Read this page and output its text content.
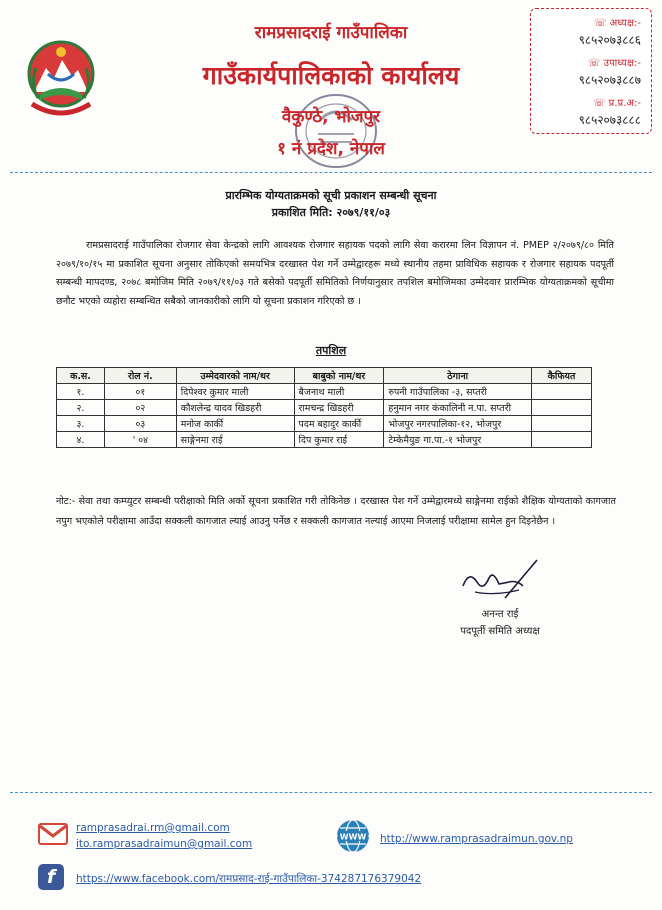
रामप्रसादराई गाउँपालिका
गाउँकार्यपालिकाको कार्यालय
वैकुण्ठे, भोजपुर
१ नं प्रदेश, नेपाल
☏ अध्यक्ष:-
९८५२०७३८८६
☏ उपाध्यक्ष:-
९८५२०७३८८७
☏ प्र.प्र.अ:-
९८५२०७३८८८
प्रारम्भिक योग्यताक्रमको सूची प्रकाशन सम्बन्धी सूचना
प्रकाशित मिति: २०७९/११/०३
रामप्रसादराई गाउँपालिका रोजगार सेवा केन्द्रको लागि आवश्यक रोजगार सहायक पदको लागि सेवा करारमा लिन विज्ञापन नं. PMEP २/२०७९/८० मिति २०७९/१०/१५ मा प्रकाशित सूचना अनुसार तोकिएको समयभित्र दरखास्त पेश गर्ने उम्मेद्वारहरू मध्ये स्थानीय तहमा प्राविधिक सहायक र रोजगार सहायक पदपूर्ती सम्बन्धी मापदण्ड, २०७८ बमोजिम मिति २०७९/११/०३ गते बसेको पदपूर्ती समितिको निर्णयानुसार तपशिल बमोजिमका उम्मेदवार प्रारम्भिक योग्यताक्रमको सूचीमा छनौट भएको व्यहोरा सम्बन्धित सबैको जानकारीको लागि यो सूचना प्रकाशन गरिएको छ ।
तपशिल
क.स.	रोल नं.	उम्मेदवारको नाम/थर	बाबुको नाम/थर	ठेगाना	कैफियत
१.	०१	दिपेश्वर कुमार माली	बैजनाथ माली	रुपनी गाउँपालिका -३, सप्तरी	
२.	०२	कौशलेन्द्र यादव खिडहरी	रामचन्द्र खिडहरी	हनुमान नगर कंकालिनी न.पा. सप्तरी	
३.	०३	मनोज कार्की	पदम बहादुर कार्की	भोजपुर नगरपालिका-१२, भोजपुर	
४.	' ०४	साङ्गेनमा राई	दिप कुमार राई	टेम्केमैयुङ गा.पा.-१ भोजपुर	
नोट:- सेवा तथा कम्प्युटर सम्बन्धी परीक्षाको मिति अर्को सूचना प्रकाशित गरी तोकिनेछ । दरखास्त पेश गर्ने उम्मेद्वारमध्ये साङ्गेनमा राईको शैक्षिक योग्यताको कागजात नपुग भएकोले परीक्षामा आउँदा सक्कली कागजात ल्याई आउनु पर्नेछ र सक्कली कागजात नल्याई आएमा निजलाई परीक्षामा सामेल हुन दिइनेछैन ।
अनन्त राई
पदपूर्ती समिति अध्यक्ष
ramprasadrai.rm@gmail.com
ito.ramprasadraimun@gmail.com
WWW http://www.ramprasadraimun.gov.np
f	https://www.facebook.com/रामप्रसाद-राई-गाउँपालिका-374287176379042
